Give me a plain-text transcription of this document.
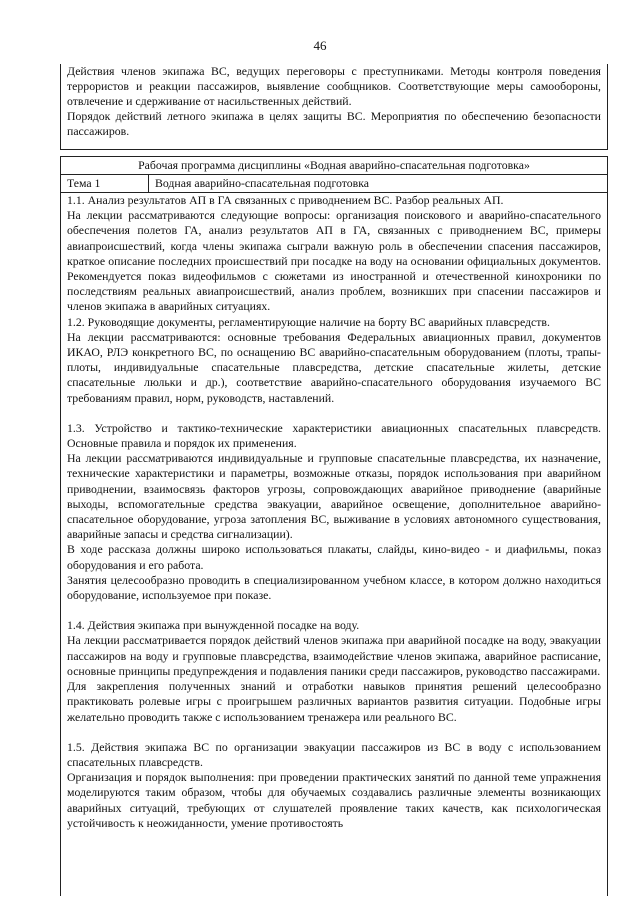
46

Действия членов экипажа ВС, ведущих переговоры с преступниками. Методы контроля поведения террористов и реакции пассажиров, выявление сообщников. Соответствующие меры самообороны, отвлечение и сдерживание от насильственных действий.

Порядок действий летного экипажа в целях защиты ВС. Мероприятия по обеспечению безопасности пассажиров.

Рабочая программа дисциплины «Водная аварийно-спасательная подготовка»
Тема 1	Водная аварийно-спасательная подготовка

1.1. Анализ результатов АП в ГА связанных с приводнением ВС. Разбор реальных АП.

На лекции рассматриваются следующие вопросы: организация поискового и аварийно-спасательного обеспечения полетов ГА, анализ результатов АП в ГА, связанных с приводнением ВС, примеры авиапроисшествий, когда члены экипажа сыграли важную роль в обеспечении спасения пассажиров, краткое описание последних происшествий при посадке на воду на основании официальных документов. Рекомендуется показ видеофильмов с сюжетами из иностранной и отечественной кинохроники по последствиям реальных авиапроисшествий, анализ проблем, возникших при спасении пассажиров и членов экипажа в аварийных ситуациях.

1.2. Руководящие документы, регламентирующие наличие на борту ВС аварийных плавсредств.

На лекции рассматриваются: основные требования Федеральных авиационных правил, документов ИКАО, РЛЭ конкретного ВС, по оснащению ВС аварийно-спасательным оборудованием (плоты, трапы-плоты, индивидуальные спасательные плавсредства, детские спасательные жилеты, детские спасательные люльки и др.), соответствие аварийно-спасательного оборудования изучаемого ВС требованиям правил, норм, руководств, наставлений.

1.3. Устройство и тактико-технические характеристики авиационных спасательных плавсредств. Основные правила и порядок их применения.

На лекции рассматриваются индивидуальные и групповые спасательные плавсредства, их назначение, технические характеристики и параметры, возможные отказы, порядок использования при аварийном приводнении, взаимосвязь факторов угрозы, сопровождающих аварийное приводнение (аварийные выходы, вспомогательные средства эвакуации, аварийное освещение, дополнительное аварийно-спасательное оборудование, угроза затопления ВС, выживание в условиях автономного существования, аварийные запасы и средства сигнализации).

В ходе рассказа должны широко использоваться плакаты, слайды, кино-видео - и диафильмы, показ оборудования и его работа.

Занятия целесообразно проводить в специализированном учебном классе, в котором должно находиться оборудование, используемое при показе.

1.4. Действия экипажа при вынужденной посадке на воду.

На лекции рассматривается порядок действий членов экипажа при аварийной посадке на воду, эвакуации пассажиров на воду и групповые плавсредства, взаимодействие членов экипажа, аварийное расписание, основные принципы предупреждения и подавления паники среди пассажиров, руководство пассажирами.

Для закрепления полученных знаний и отработки навыков принятия решений целесообразно практиковать ролевые игры с проигрышем различных вариантов развития ситуации. Подобные игры желательно проводить также с использованием тренажера или реального ВС.

1.5. Действия экипажа ВС по организации эвакуации пассажиров из ВС в воду с использованием спасательных плавсредств.

Организация и порядок выполнения: при проведении практических занятий по данной теме упражнения моделируются таким образом, чтобы для обучаемых создавались различные элементы возникающих аварийных ситуаций, требующих от слушателей проявление таких качеств, как психологическая устойчивость к неожиданности, умение противостоять
